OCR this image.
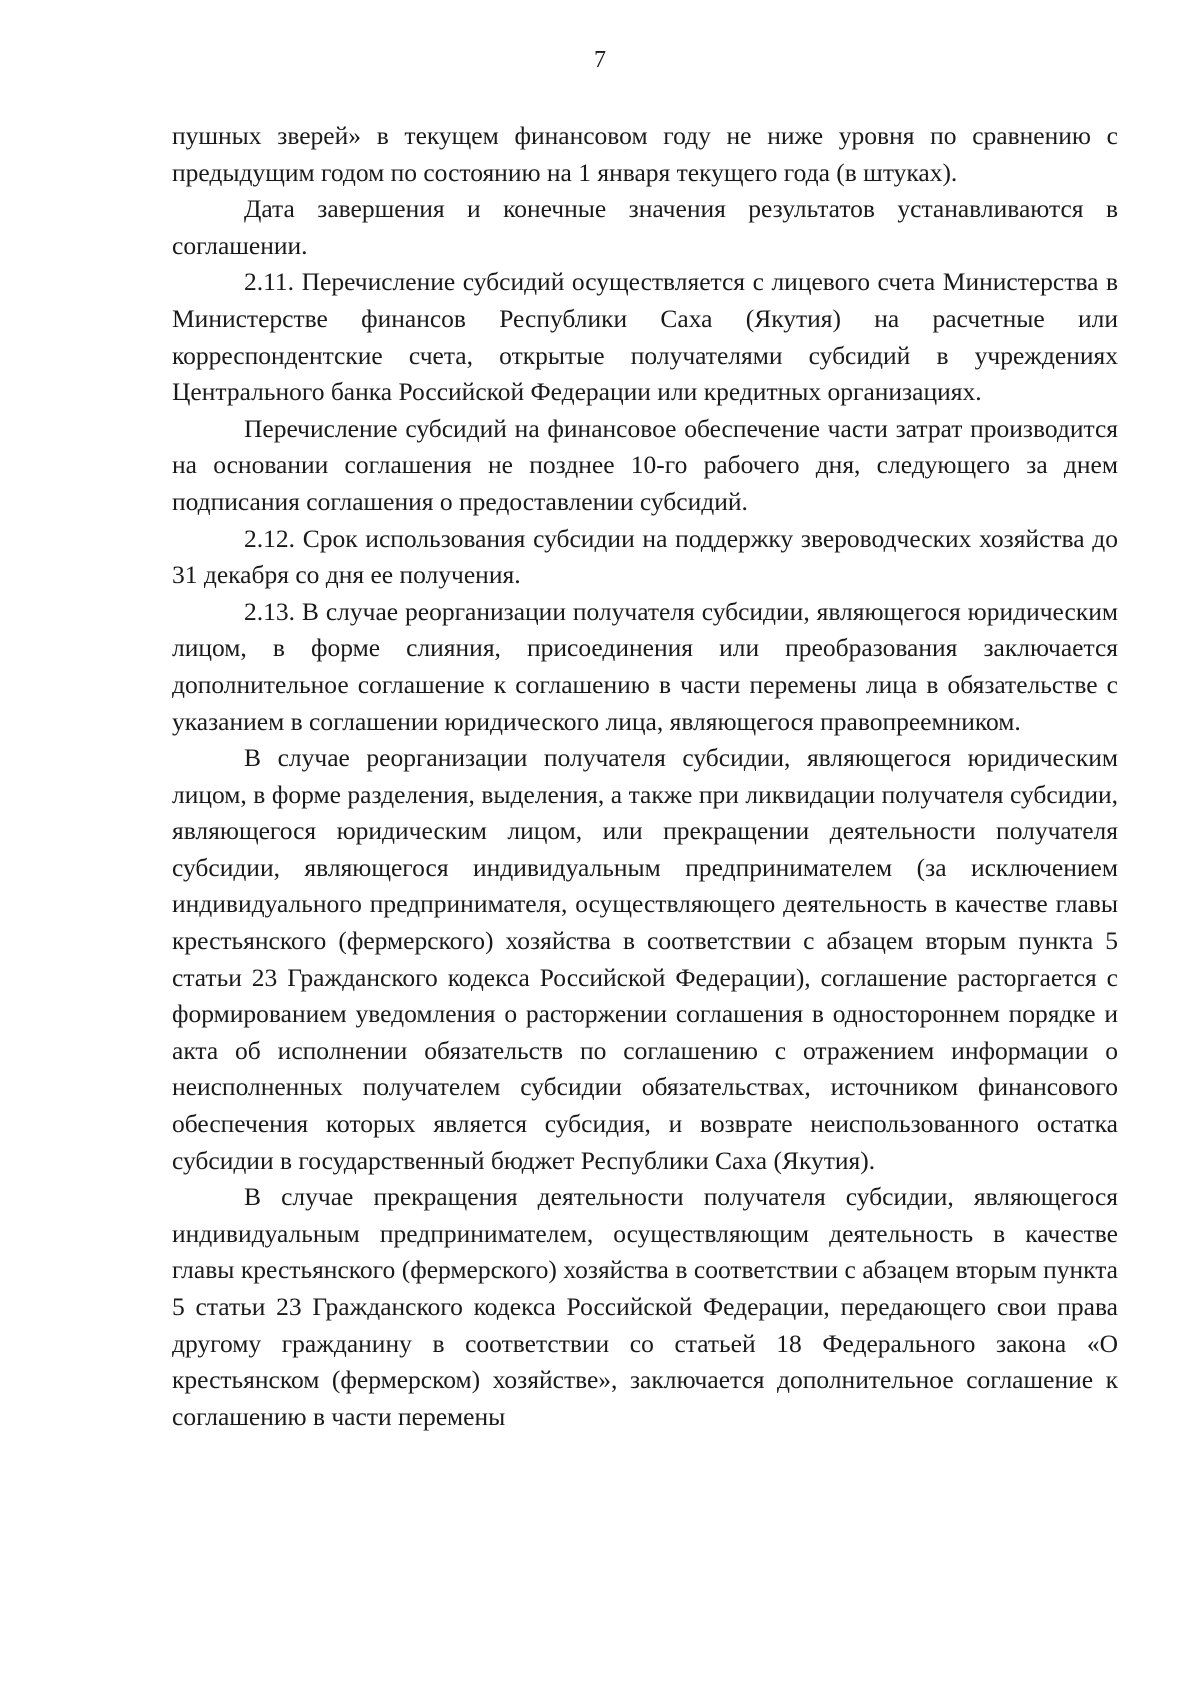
7

пушных зверей» в текущем финансовом году не ниже уровня по сравнению с предыдущим годом по состоянию на 1 января текущего года (в штуках).

Дата завершения и конечные значения результатов устанавливаются в соглашении.

2.11. Перечисление субсидий осуществляется с лицевого счета Министерства в Министерстве финансов Республики Саха (Якутия) на расчетные или корреспондентские счета, открытые получателями субсидий в учреждениях Центрального банка Российской Федерации или кредитных организациях.

Перечисление субсидий на финансовое обеспечение части затрат производится на основании соглашения не позднее 10-го рабочего дня, следующего за днем подписания соглашения о предоставлении субсидий.

2.12. Срок использования субсидии на поддержку звероводческих хозяйства до 31 декабря со дня ее получения.

2.13. В случае реорганизации получателя субсидии, являющегося юридическим лицом, в форме слияния, присоединения или преобразования заключается дополнительное соглашение к соглашению в части перемены лица в обязательстве с указанием в соглашении юридического лица, являющегося правопреемником.

В случае реорганизации получателя субсидии, являющегося юридическим лицом, в форме разделения, выделения, а также при ликвидации получателя субсидии, являющегося юридическим лицом, или прекращении деятельности получателя субсидии, являющегося индивидуальным предпринимателем (за исключением индивидуального предпринимателя, осуществляющего деятельность в качестве главы крестьянского (фермерского) хозяйства в соответствии с абзацем вторым пункта 5 статьи 23 Гражданского кодекса Российской Федерации), соглашение расторгается с формированием уведомления о расторжении соглашения в одностороннем порядке и акта об исполнении обязательств по соглашению с отражением информации о неисполненных получателем субсидии обязательствах, источником финансового обеспечения которых является субсидия, и возврате неиспользованного остатка субсидии в государственный бюджет Республики Саха (Якутия).

В случае прекращения деятельности получателя субсидии, являющегося индивидуальным предпринимателем, осуществляющим деятельность в качестве главы крестьянского (фермерского) хозяйства в соответствии с абзацем вторым пункта 5 статьи 23 Гражданского кодекса Российской Федерации, передающего свои права другому гражданину в соответствии со статьей 18 Федерального закона «О крестьянском (фермерском) хозяйстве», заключается дополнительное соглашение к соглашению в части перемены
